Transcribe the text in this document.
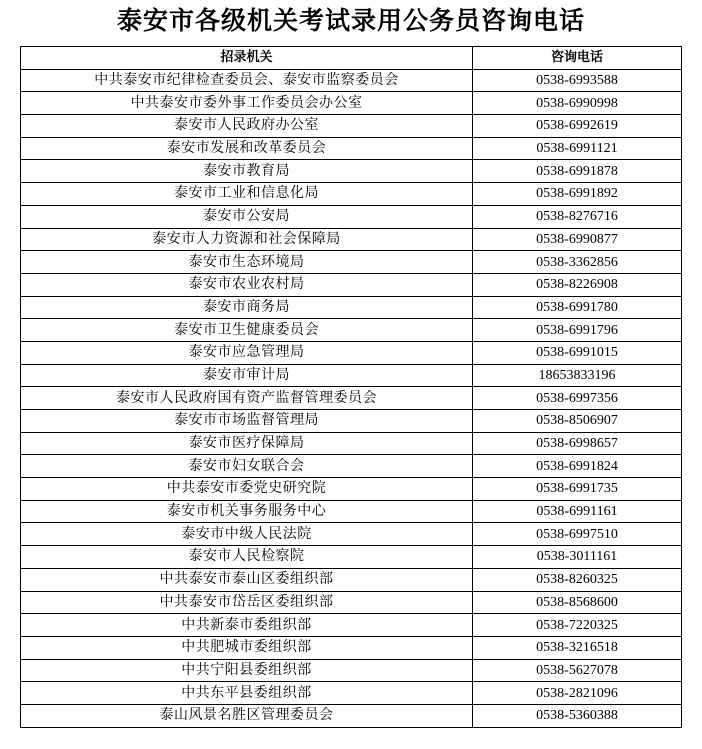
泰安市各级机关考试录用公务员咨询电话
招录机关	咨询电话
中共泰安市纪律检查委员会、泰安市监察委员会	0538-6993588
中共泰安市委外事工作委员会办公室	0538-6990998
泰安市人民政府办公室	0538-6992619
泰安市发展和改革委员会	0538-6991121
泰安市教育局	0538-6991878
泰安市工业和信息化局	0538-6991892
泰安市公安局	0538-8276716
泰安市人力资源和社会保障局	0538-6990877
泰安市生态环境局	0538-3362856
泰安市农业农村局	0538-8226908
泰安市商务局	0538-6991780
泰安市卫生健康委员会	0538-6991796
泰安市应急管理局	0538-6991015
泰安市审计局	18653833196
泰安市人民政府国有资产监督管理委员会	0538-6997356
泰安市市场监督管理局	0538-8506907
泰安市医疗保障局	0538-6998657
泰安市妇女联合会	0538-6991824
中共泰安市委党史研究院	0538-6991735
泰安市机关事务服务中心	0538-6991161
泰安市中级人民法院	0538-6997510
泰安市人民检察院	0538-3011161
中共泰安市泰山区委组织部	0538-8260325
中共泰安市岱岳区委组织部	0538-8568600
中共新泰市委组织部	0538-7220325
中共肥城市委组织部	0538-3216518
中共宁阳县委组织部	0538-5627078
中共东平县委组织部	0538-2821096
泰山风景名胜区管理委员会	0538-5360388
